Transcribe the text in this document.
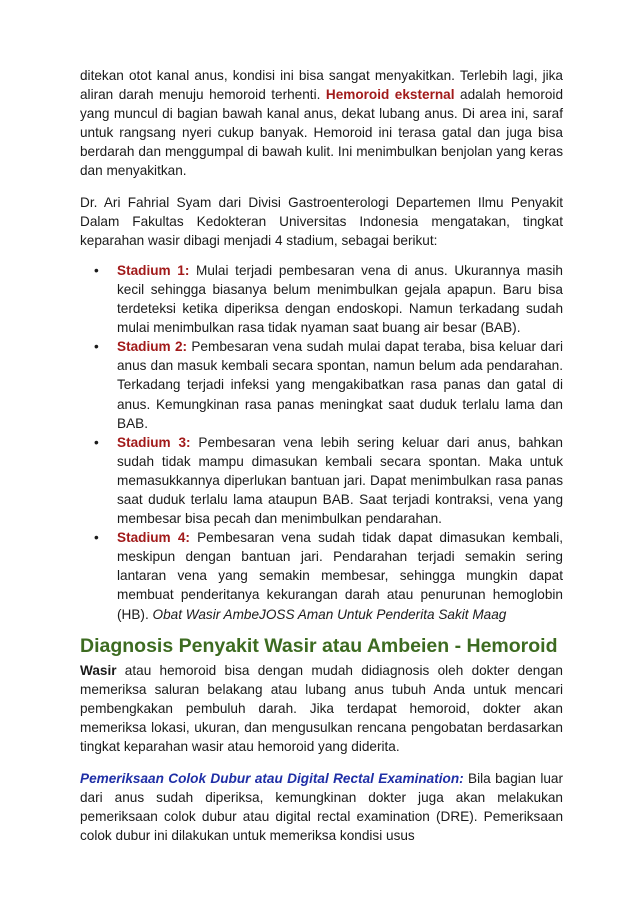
ditekan otot kanal anus, kondisi ini bisa sangat menyakitkan. Terlebih lagi, jika aliran darah menuju hemoroid terhenti. Hemoroid eksternal adalah hemoroid yang muncul di bagian bawah kanal anus, dekat lubang anus. Di area ini, saraf untuk rangsang nyeri cukup banyak. Hemoroid ini terasa gatal dan juga bisa berdarah dan menggumpal di bawah kulit. Ini menimbulkan benjolan yang keras dan menyakitkan.

Dr. Ari Fahrial Syam dari Divisi Gastroenterologi Departemen Ilmu Penyakit Dalam Fakultas Kedokteran Universitas Indonesia mengatakan, tingkat keparahan wasir dibagi menjadi 4 stadium, sebagai berikut:

• Stadium 1: Mulai terjadi pembesaran vena di anus. Ukurannya masih kecil sehingga biasanya belum menimbulkan gejala apapun. Baru bisa terdeteksi ketika diperiksa dengan endoskopi. Namun terkadang sudah mulai menimbulkan rasa tidak nyaman saat buang air besar (BAB).
• Stadium 2: Pembesaran vena sudah mulai dapat teraba, bisa keluar dari anus dan masuk kembali secara spontan, namun belum ada pendarahan. Terkadang terjadi infeksi yang mengakibatkan rasa panas dan gatal di anus. Kemungkinan rasa panas meningkat saat duduk terlalu lama dan BAB.
• Stadium 3: Pembesaran vena lebih sering keluar dari anus, bahkan sudah tidak mampu dimasukan kembali secara spontan. Maka untuk memasukkannya diperlukan bantuan jari. Dapat menimbulkan rasa panas saat duduk terlalu lama ataupun BAB. Saat terjadi kontraksi, vena yang membesar bisa pecah dan menimbulkan pendarahan.
• Stadium 4: Pembesaran vena sudah tidak dapat dimasukan kembali, meskipun dengan bantuan jari. Pendarahan terjadi semakin sering lantaran vena yang semakin membesar, sehingga mungkin dapat membuat penderitanya kekurangan darah atau penurunan hemoglobin (HB). Obat Wasir AmbeJOSS Aman Untuk Penderita Sakit Maag
Diagnosis Penyakit Wasir atau Ambeien - Hemoroid

Wasir atau hemoroid bisa dengan mudah didiagnosis oleh dokter dengan memeriksa saluran belakang atau lubang anus tubuh Anda untuk mencari pembengkakan pembuluh darah. Jika terdapat hemoroid, dokter akan memeriksa lokasi, ukuran, dan mengusulkan rencana pengobatan berdasarkan tingkat keparahan wasir atau hemoroid yang diderita.

Pemeriksaan Colok Dubur atau Digital Rectal Examination: Bila bagian luar dari anus sudah diperiksa, kemungkinan dokter juga akan melakukan pemeriksaan colok dubur atau digital rectal examination (DRE). Pemeriksaan colok dubur ini dilakukan untuk memeriksa kondisi usus
